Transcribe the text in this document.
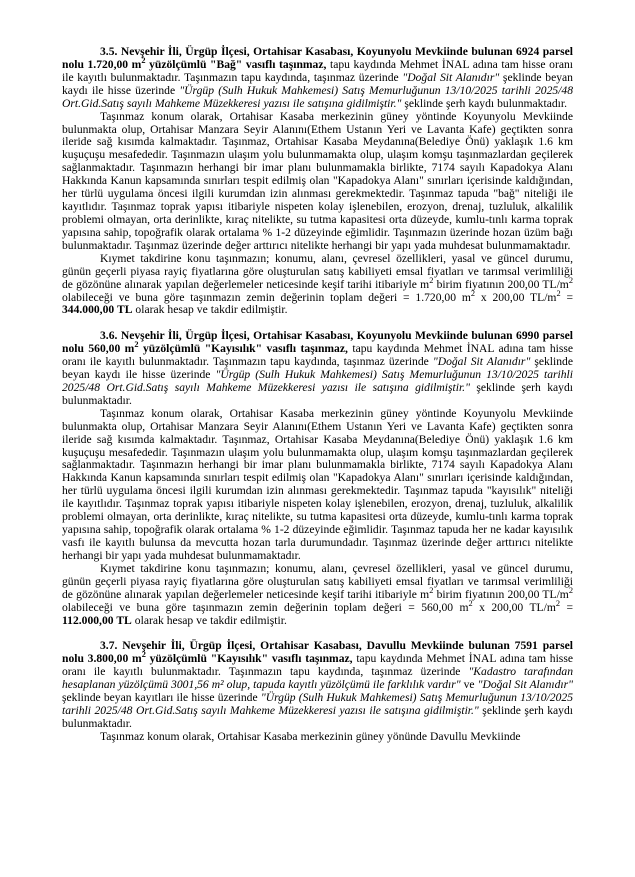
3.5. Nevşehir İli, Ürgüp İlçesi, Ortahisar Kasabası, Koyunyolu Mevkiinde bulunan 6924 parsel nolu 1.720,00 $m^2$ yüzölçümlü "Bağ" vasıflı taşınmaz, tapu kaydında Mehmet İNAL adına tam hisse oranı ile kayıtlı bulunmaktadır. Taşınmazın tapu kaydında, taşınmaz üzerinde "Doğal Sit Alanıdır" şeklinde beyan kaydı ile hisse üzerinde "Ürgüp (Sulh Hukuk Mahkemesi) Satış Memurluğunun 13/10/2025 tarihli 2025/48 Ort.Gid.Satış sayılı Mahkeme Müzekkeresi yazısı ile satışına gidilmiştir." şeklinde şerh kaydı bulunmaktadır.

Taşınmaz konum olarak, Ortahisar Kasaba merkezinin güney yöntinde Koyunyolu Mevkiinde bulunmakta olup, Ortahisar Manzara Seyir Alanını(Ethem Ustanın Yeri ve Lavanta Kafe) geçtikten sonra ileride sağ kısımda kalmaktadır. Taşınmaz, Ortahisar Kasaba Meydanına(Belediye Önü) yaklaşık 1.6 km kuşuçuşu mesafededir. Taşınmazın ulaşım yolu bulunmamakta olup, ulaşım komşu taşınmazlardan geçilerek sağlanmaktadır. Taşınmazın herhangi bir imar planı bulunmamakla birlikte, 7174 sayılı Kapadokya Alanı Hakkında Kanun kapsamında sınırları tespit edilmiş olan "Kapadokya Alanı" sınırları içerisinde kaldığından, her türlü uygulama öncesi ilgili kurumdan izin alınması gerekmektedir. Taşınmaz tapuda "bağ" niteliği ile kayıtlıdır. Taşınmaz toprak yapısı itibariyle nispeten kolay işlenebilen, erozyon, drenaj, tuzluluk, alkalilik problemi olmayan, orta derinlikte, kıraç nitelikte, su tutma kapasitesi orta düzeyde, kumlu-tınlı karma toprak yapısına sahip, topoğrafik olarak ortalama % 1-2 düzeyinde eğimlidir. Taşınmazın üzerinde hozan üzüm bağı bulunmaktadır. Taşınmaz üzerinde değer arttırıcı nitelikte herhangi bir yapı yada muhdesat bulunmamaktadır.

Kıymet takdirine konu taşınmazın; konumu, alanı, çevresel özellikleri, yasal ve güncel durumu, günün geçerli piyasa rayiç fiyatlarına göre oluşturulan satış kabiliyeti emsal fiyatları ve tarımsal verimliliği de gözönüne alınarak yapılan değerlemeler neticesinde keşif tarihi itibariyle $m^2$ birim fiyatının 200,00 $TL/m^2$ olabileceği ve buna göre taşınmazın zemin değerinin toplam değeri = 1.720,00 $m^2$ x 200,00 $TL/m^2 = 344.000,00$ TL olarak hesap ve takdir edilmiştir.

3.6. Nevşehir İli, Ürgüp İlçesi, Ortahisar Kasabası, Koyunyolu Mevkiinde bulunan 6990 parsel nolu 560,00 $m^2$ yüzölçümlü "Kayısılık" vasıflı taşınmaz, tapu kaydında Mehmet İNAL adına tam hisse oranı ile kayıtlı bulunmaktadır. Taşınmazın tapu kaydında, taşınmaz üzerinde "Doğal Sit Alanıdır" şeklinde beyan kaydı ile hisse üzerinde "Ürgüp (Sulh Hukuk Mahkemesi) Satış Memurluğunun 13/10/2025 tarihli 2025/48 Ort.Gid.Satış sayılı Mahkeme Müzekkeresi yazısı ile satışına gidilmiştir." şeklinde şerh kaydı bulunmaktadır.

Taşınmaz konum olarak, Ortahisar Kasaba merkezinin güney yöntinde Koyunyolu Mevkiinde bulunmakta olup, Ortahisar Manzara Seyir Alanını(Ethem Ustanın Yeri ve Lavanta Kafe) geçtikten sonra ileride sağ kısımda kalmaktadır. Taşınmaz, Ortahisar Kasaba Meydanına(Belediye Önü) yaklaşık 1.6 km kuşuçuşu mesafededir. Taşınmazın ulaşım yolu bulunmamakta olup, ulaşım komşu taşınmazlardan geçilerek sağlanmaktadır. Taşınmazın herhangi bir imar planı bulunmamakla birlikte, 7174 sayılı Kapadokya Alanı Hakkında Kanun kapsamında sınırları tespit edilmiş olan "Kapadokya Alanı" sınırları içerisinde kaldığından, her türlü uygulama öncesi ilgili kurumdan izin alınması gerekmektedir. Taşınmaz tapuda "kayısılık" niteliği ile kayıtlıdır. Taşınmaz toprak yapısı itibariyle nispeten kolay işlenebilen, erozyon, drenaj, tuzluluk, alkalilik problemi olmayan, orta derinlikte, kıraç nitelikte, su tutma kapasitesi orta düzeyde, kumlu-tınlı karma toprak yapısına sahip, topoğrafik olarak ortalama % 1-2 düzeyinde eğimlidir. Taşınmaz tapuda her ne kadar kayısılık vasfı ile kayıtlı bulunsa da mevcutta hozan tarla durumundadır. Taşınmaz üzerinde değer arttırıcı nitelikte herhangi bir yapı yada muhdesat bulunmamaktadır.

Kıymet takdirine konu taşınmazın; konumu, alanı, çevresel özellikleri, yasal ve güncel durumu, günün geçerli piyasa rayiç fiyatlarına göre oluşturulan satış kabiliyeti emsal fiyatları ve tarımsal verimliliği de gözönüne alınarak yapılan değerlemeler neticesinde keşif tarihi itibariyle $m^2$ birim fiyatının 200,00 $TL/m^2$ olabileceği ve buna göre taşınmazın zemin değerinin toplam değeri = 560,00 $m^2$ x 200,00 $TL/m^2 = 112.000,00$ TL olarak hesap ve takdir edilmiştir.

3.7. Nevşehir İli, Ürgüp İlçesi, Ortahisar Kasabası, Davullu Mevkiinde bulunan 7591 parsel nolu 3.800,00 $m^2$ yüzölçümlü "Kayısılık" vasıflı taşınmaz, tapu kaydında Mehmet İNAL adına tam hisse oranı ile kayıtlı bulunmaktadır. Taşınmazın tapu kaydında, taşınmaz üzerinde "Kadastro tarafından hesaplanan yüzölçümü 3001,56 m² olup, tapuda kayıtlı yüzölçümü ile farklılık vardır" ve "Doğal Sit Alanıdır" şeklinde beyan kayıtları ile hisse üzerinde "Ürgüp (Sulh Hukuk Mahkemesi) Satış Memurluğunun 13/10/2025 tarihli 2025/48 Ort.Gid.Satış sayılı Mahkeme Müzekkeresi yazısı ile satışına gidilmiştir." şeklinde şerh kaydı bulunmaktadır.

Taşınmaz konum olarak, Ortahisar Kasaba merkezinin güney yönünde Davullu Mevkiinde
